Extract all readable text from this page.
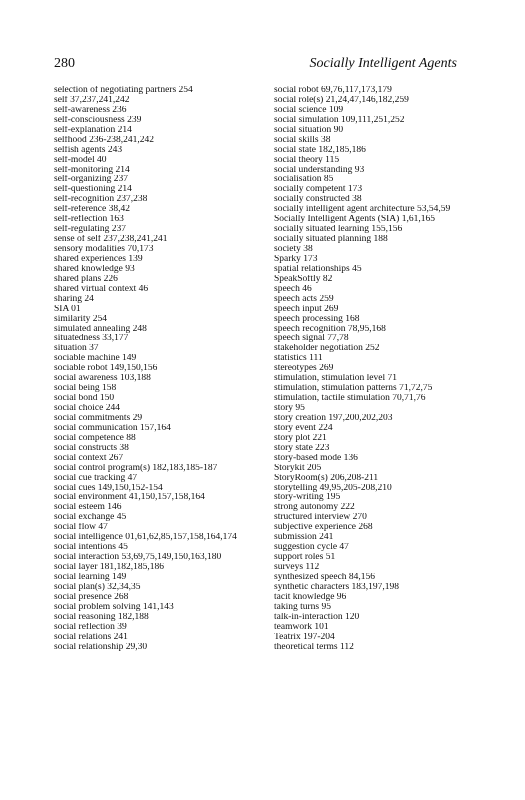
280	Socially Intelligent Agents
selection of negotiating partners 254
self 37,237,241,242
self-awareness 236
self-consciousness 239
self-explanation 214
selfhood 236-238,241,242
selfish agents 243
self-model 40
self-monitoring 214
self-organizing 237
self-questioning 214
self-recognition 237,238
self-reference 38,42
self-reflection 163
self-regulating 237
sense of self 237,238,241,241
sensory modalities 70,173
shared experiences 139
shared knowledge 93
shared plans 226
shared virtual context 46
sharing 24
SIA 01
similarity 254
simulated annealing 248
situatedness 33,177
situation 37
sociable machine 149
sociable robot 149,150,156
social awareness 103,188
social being 158
social bond 150
social choice 244
social commitments 29
social communication 157,164
social competence 88
social constructs 38
social context 267
social control program(s) 182,183,185-187
social cue tracking 47
social cues 149,150,152-154
social environment 41,150,157,158,164
social esteem 146
social exchange 45
social flow 47
social intelligence 01,61,62,85,157,158,164,174
social intentions 45
social interaction 53,69,75,149,150,163,180
social layer 181,182,185,186
social learning 149
social plan(s) 32,34,35
social presence 268
social problem solving 141,143
social reasoning 182,188
social reflection 39
social relations 241
social relationship 29,30
social robot 69,76,117,173,179
social role(s) 21,24,47,146,182,259
social science 109
social simulation 109,111,251,252
social situation 90
social skills 38
social state 182,185,186
social theory 115
social understanding 93
socialisation 85
socially competent 173
socially constructed 38
socially intelligent agent architecture 53,54,59
Socially Intelligent Agents (SIA) 1,61,165
socially situated learning 155,156
socially situated planning 188
society 38
Sparky 173
spatial relationships 45
SpeakSoftly 82
speech 46
speech acts 259
speech input 269
speech processing 168
speech recognition 78,95,168
speech signal 77,78
stakeholder negotiation 252
statistics 111
stereotypes 269
stimulation, stimulation level 71
stimulation, stimulation patterns 71,72,75
stimulation, tactile stimulation 70,71,76
story 95
story creation 197,200,202,203
story event 224
story plot 221
story state 223
story-based mode 136
Storykit 205
StoryRoom(s) 206,208-211
storytelling 49,95,205-208,210
story-writing 195
strong autonomy 222
structured interview 270
subjective experience 268
submission 241
suggestion cycle 47
support roles 51
surveys 112
synthesized speech 84,156
synthetic characters 183,197,198
tacit knowledge 96
taking turns 95
talk-in-interaction 120
teamwork 101
Teatrix 197-204
theoretical terms 112
